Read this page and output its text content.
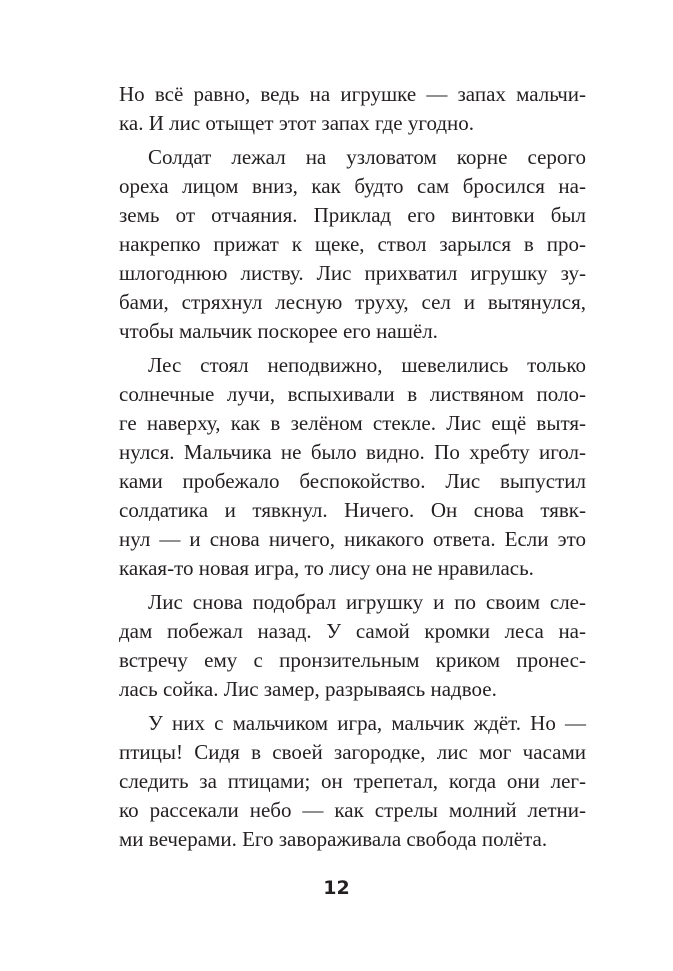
Но всё равно, ведь на игрушке — запах мальчи-
ка. И лис отыщет этот запах где угодно.
Солдат лежал на узловатом корне серого
ореха лицом вниз, как будто сам бросился на-
земь от отчаяния. Приклад его винтовки был
накрепко прижат к щеке, ствол зарылся в про-
шлогоднюю листву. Лис прихватил игрушку зу-
бами, стряхнул лесную труху, сел и вытянулся,
чтобы мальчик поскорее его нашёл.
Лес стоял неподвижно, шевелились только
солнечные лучи, вспыхивали в листвяном поло-
ге наверху, как в зелёном стекле. Лис ещё вытя-
нулся. Мальчика не было видно. По хребту игол-
ками пробежало беспокойство. Лис выпустил
солдатика и тявкнул. Ничего. Он снова тявк-
нул — и снова ничего, никакого ответа. Если это
какая-то новая игра, то лису она не нравилась.
Лис снова подобрал игрушку и по своим сле-
дам побежал назад. У самой кромки леса на-
встречу ему с пронзительным криком пронес-
лась сойка. Лис замер, разрываясь надвое.
У них с мальчиком игра, мальчик ждёт. Но —
птицы! Сидя в своей загородке, лис мог часами
следить за птицами; он трепетал, когда они лег-
ко рассекали небо — как стрелы молний летни-
ми вечерами. Его завораживала свобода полёта.
12
